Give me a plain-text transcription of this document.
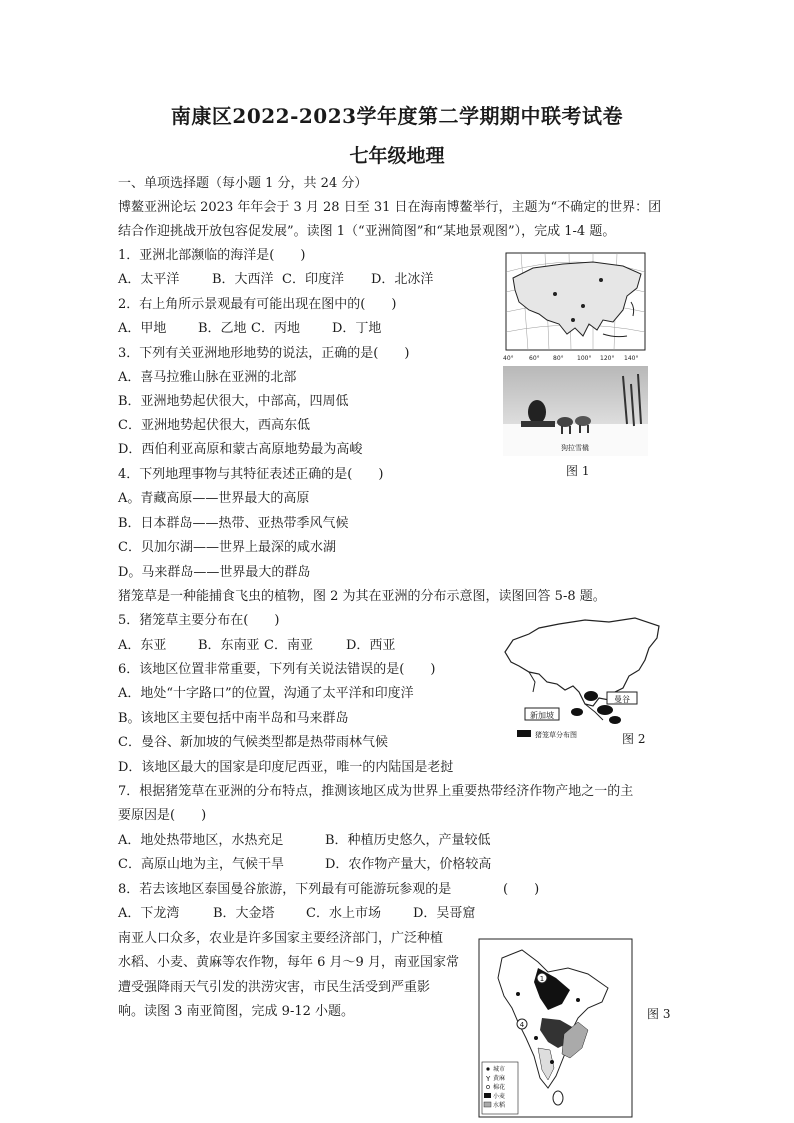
南康区2022-2023学年度第二学期期中联考试卷
七年级地理
一、单项选择题（每小题 1 分，共 24 分）
博鳌亚洲论坛 2023 年年会于 3 月 28 日至 31 日在海南博鳌举行，主题为“不确定的世界：团
结合作迎挑战开放包容促发展”。读图 1（“亚洲简图”和“某地景观图”），完成 1-4 题。
1．亚洲北部濒临的海洋是(　　)
A．太平洋	B．大西洋 C．印度洋 D．北冰洋
2．右上角所示景观最有可能出现在图中的(　　)
A．甲地 B．乙地 C．丙地 D．丁地
3．下列有关亚洲地形地势的说法，正确的是(　　)
A．喜马拉雅山脉在亚洲的北部
B．亚洲地势起伏很大，中部高，四周低
C．亚洲地势起伏很大，西高东低
D．西伯利亚高原和蒙古高原地势最为高峻
4．下列地理事物与其特征表述正确的是(　　)
A。青藏高原——世界最大的高原
B．日本群岛——热带、亚热带季风气候
C．贝加尔湖——世界上最深的咸水湖
D。马来群岛——世界最大的群岛
猪笼草是一种能捕食飞虫的植物，图 2 为其在亚洲的分布示意图，读图回答 5-8 题。
5．猪笼草主要分布在(　　)
A．东亚 B．东南亚 C．南亚	D．西亚
6．该地区位置非常重要，下列有关说法错误的是(　　)
A．地处“十字路口”的位置，沟通了太平洋和印度洋
B。该地区主要包括中南半岛和马来群岛
C．曼谷、新加坡的气候类型都是热带雨林气候
D．该地区最大的国家是印度尼西亚，唯一的内陆国是老挝
7．根据猪笼草在亚洲的分布特点，推测该地区成为世界上重要热带经济作物产地之一的主
要原因是(　　)
A．地处热带地区，水热充足	B．种植历史悠久，产量较低
C．高原山地为主，气候干旱	D．农作物产量大，价格较高
8．若去该地区泰国曼谷旅游，下列最有可能游玩参观的是	(　　)
A．下龙湾	B．大金塔 C．水上市场 D．吴哥窟
南亚人口众多，农业是许多国家主要经济部门，广泛种植
水稻、小麦、黄麻等农作物，每年 6 月～9 月，南亚国家常
遭受强降雨天气引发的洪涝灾害，市民生活受到严重影
响。读图 3 南亚简图，完成 9-12 小题。
40°	60° 80° 100° 120° 140°
狗拉雪橇
图 1
曼谷
新加坡
猪笼草分布图	图 2
1
4
城市
Y 黄麻
棉花
小麦
水稻
图 3
